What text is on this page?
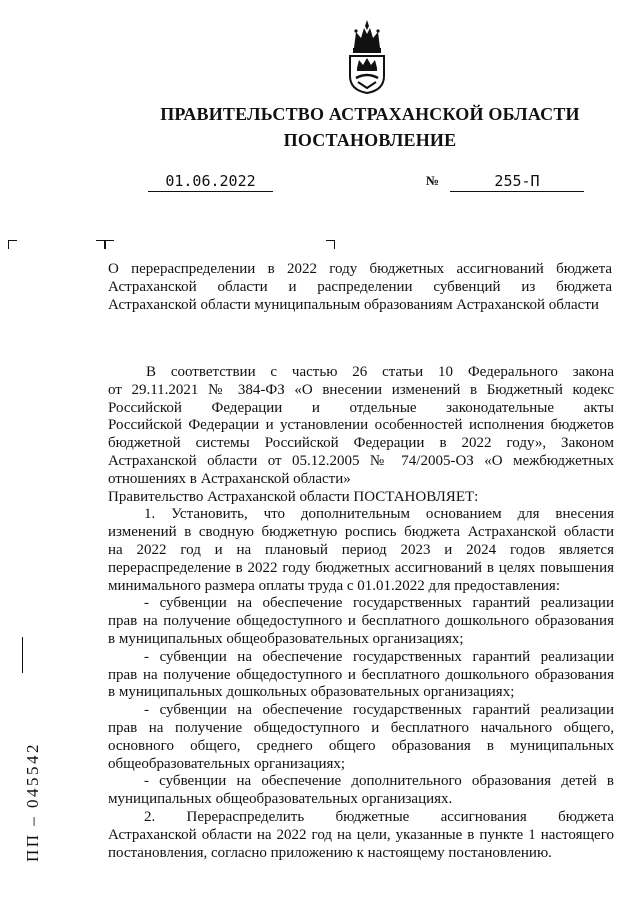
ПРАВИТЕЛЬСТВО АСТРАХАНСКОЙ ОБЛАСТИ
ПОСТАНОВЛЕНИЕ
01.06.2022	№	255-П

О перераспределении в 2022 году бюджетных ассигнований бюджета

Астраханской области и распределении субвенций из бюджета

Астраханской области муниципальным образованиям Астраханской области

В соответствии с частью 26 статьи 10 Федерального закона
от 29.11.2021 № 384-ФЗ «О внесении изменений в Бюджетный кодекс
Российской Федерации и отдельные законодательные акты
Российской Федерации и установлении особенностей исполнения бюджетов
бюджетной системы Российской Федерации в 2022 году», Законом
Астраханской области от 05.12.2005 № 74/2005-ОЗ «О межбюджетных
отношениях в Астраханской области»
Правительство Астраханской области ПОСТАНОВЛЯЕТ:
1. Установить, что дополнительным основанием для внесения
изменений в сводную бюджетную роспись бюджета Астраханской области
на 2022 год и на плановый период 2023 и 2024 годов является
перераспределение в 2022 году бюджетных ассигнований в целях повышения
минимального размера оплаты труда с 01.01.2022 для предоставления:
- субвенции на обеспечение государственных гарантий реализации
прав на получение общедоступного и бесплатного дошкольного образования
в муниципальных общеобразовательных организациях;
- субвенции на обеспечение государственных гарантий реализации
прав на получение общедоступного и бесплатного дошкольного образования
в муниципальных дошкольных образовательных организациях;
- субвенции на обеспечение государственных гарантий реализации
прав на получение общедоступного и бесплатного начального общего,
основного общего, среднего общего образования в муниципальных
общеобразовательных организациях;
- субвенции на обеспечение дополнительного образования детей в
муниципальных общеобразовательных организациях.
2. Перераспределить бюджетные ассигнования бюджета
Астраханской области на 2022 год на цели, указанные в пункте 1 настоящего
постановления, согласно приложению к настоящему постановлению.
ПП – 045542
